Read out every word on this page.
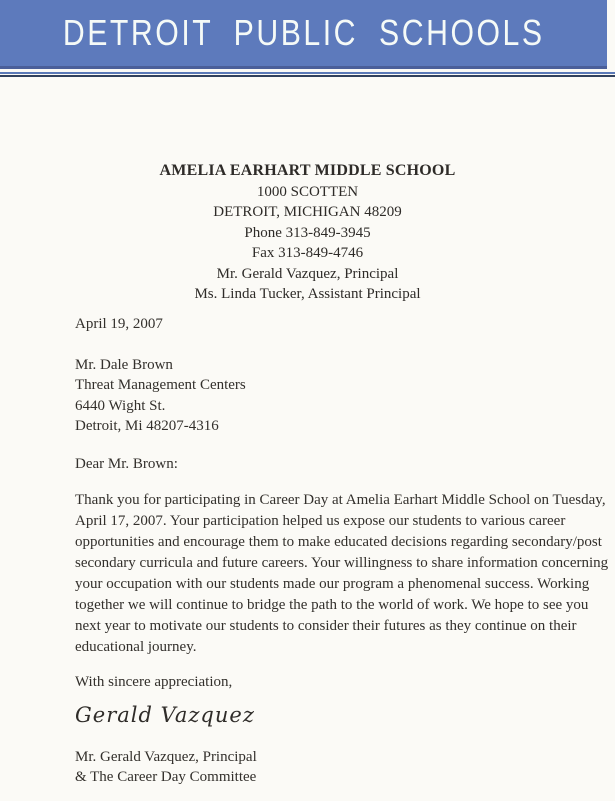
DETROIT PUBLIC SCHOOLS
AMELIA EARHART MIDDLE SCHOOL
1000 SCOTTEN
DETROIT, MICHIGAN 48209
Phone 313-849-3945
Fax 313-849-4746
Mr. Gerald Vazquez, Principal
Ms. Linda Tucker, Assistant Principal
April 19, 2007
Mr. Dale Brown
Threat Management Centers
6440 Wight St.
Detroit, Mi 48207-4316
Dear Mr. Brown:
Thank you for participating in Career Day at Amelia Earhart Middle School on Tuesday,
April 17, 2007. Your participation helped us expose our students to various career
opportunities and encourage them to make educated decisions regarding secondary/post
secondary curricula and future careers. Your willingness to share information concerning
your occupation with our students made our program a phenomenal success. Working
together we will continue to bridge the path to the world of work. We hope to see you
next year to motivate our students to consider their futures as they continue on their
educational journey.
With sincere appreciation,
Gerald Vazquez
Mr. Gerald Vazquez, Principal
& The Career Day Committee
